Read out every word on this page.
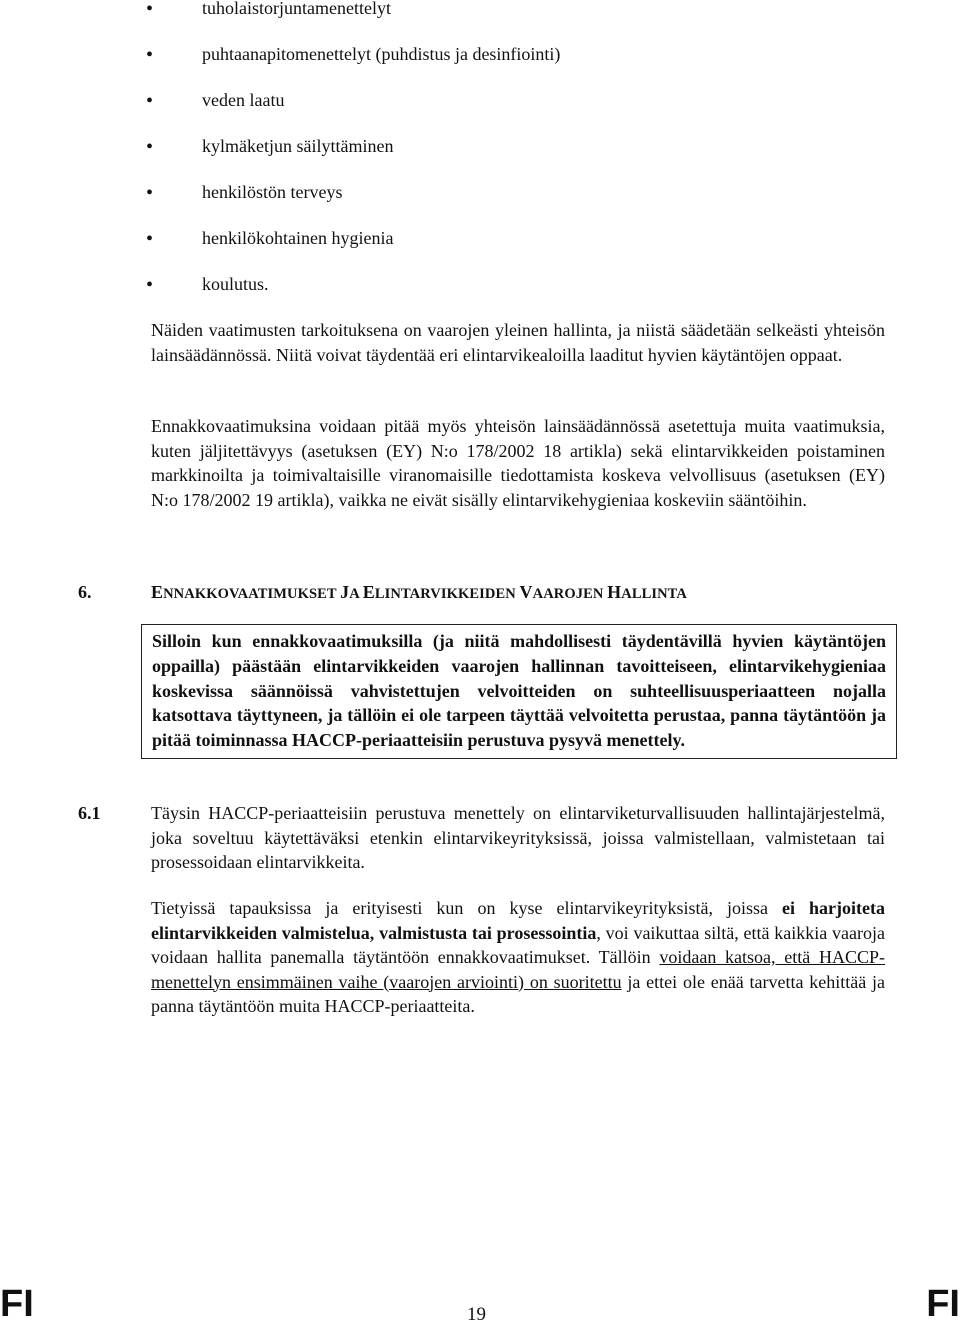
•	tuholaistorjuntamenettelyt
•	puhtaanapitomenettelyt (puhdistus ja desinfiointi)
•	veden laatu
•	kylmäketjun säilyttäminen
•	henkilöstön terveys
•	henkilökohtainen hygienia
•	koulutus.

Näiden vaatimusten tarkoituksena on vaarojen yleinen hallinta, ja niistä säädetään selkeästi yhteisön lainsäädännössä. Niitä voivat täydentää eri elintarvikealoilla laaditut hyvien käytäntöjen oppaat.

Ennakkovaatimuksina voidaan pitää myös yhteisön lainsäädännössä asetettuja muita vaatimuksia, kuten jäljitettävyys (asetuksen (EY) N:o 178/2002 18 artikla) sekä elintarvikkeiden poistaminen markkinoilta ja toimivaltaisille viranomaisille tiedottamista koskeva velvollisuus (asetuksen (EY) N:o 178/2002 19 artikla), vaikka ne eivät sisälly elintarvikehygieniaa koskeviin sääntöihin.

6.	ENNAKKOVAATIMUKSET JA ELINTARVIKKEIDEN VAAROJEN HALLINTA
Silloin kun ennakkovaatimuksilla (ja niitä mahdollisesti täydentävillä hyvien käytäntöjen oppailla) päästään elintarvikkeiden vaarojen hallinnan tavoitteiseen, elintarvikehygieniaa koskevissa säännöissä vahvistettujen velvoitteiden on suhteellisuusperiaatteen nojalla katsottava täyttyneen, ja tällöin ei ole tarpeen täyttää velvoitetta perustaa, panna täytäntöön ja pitää toiminnassa HACCP-periaatteisiin perustuva pysyvä menettely.
6.1	Täysin HACCP-periaatteisiin perustuva menettely on elintarviketurvallisuuden hallintajärjestelmä, joka soveltuu käytettäväksi etenkin elintarvikeyrityksissä, joissa valmistellaan, valmistetaan tai prosessoidaan elintarvikkeita.

Tietyissä tapauksissa ja erityisesti kun on kyse elintarvikeyrityksistä, joissa ei harjoiteta elintarvikkeiden valmistelua, valmistusta tai prosessointia, voi vaikuttaa siltä, että kaikkia vaaroja voidaan hallita panemalla täytäntöön ennakkovaatimukset. Tällöin voidaan katsoa, että HACCP-menettelyn ensimmäinen vaihe (vaarojen arviointi) on suoritettu ja ettei ole enää tarvetta kehittää ja panna täytäntöön muita HACCP-periaatteita.

FI	19	FI
